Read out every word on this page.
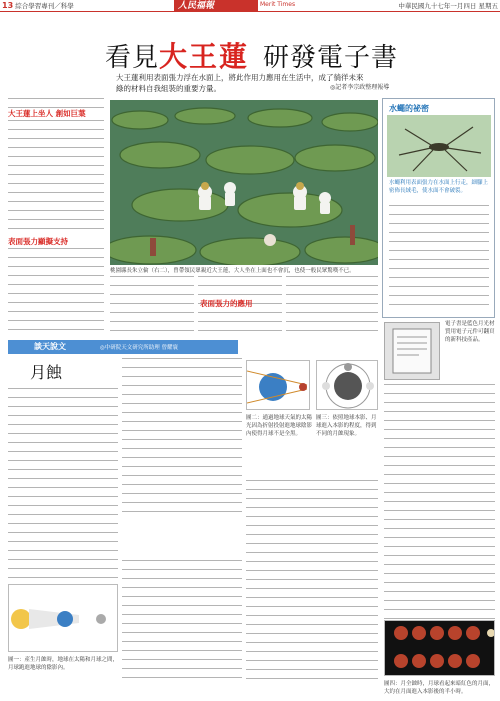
13 綜合學習專刊／科學	人民福報	Merit Times	中華民國九十七年一月四日 星期五
看見大王蓮 研發電子書
大王蓮利用表面張力浮在水面上，將此作用力應用在生活中，成了徜徉未來綠的材料自我組裝的重要方量。	◎記者李宗政整理報導
大王蓮上坐人 創如巨葉
表面張力顯擬支持
桃園縣長朱立倫（右二），曾帶領民眾親近大王蓮，大人坐在上面也不會沉，也使一般民眾驚嘆不已。
表面張力的應用
水蠅的祕密
水蠅利用表面張力在水面上行走，細腳上密佈長絨毛，使水面不會破裂。
電子書是藍色月光材質用電子元件可翻頁的新科技產品。
談天說文	◎中研院天文研究所助理 曾耀寰
月蝕
圖一：產生月蝕時，地球在太陽和月球之間，月球跑進地球的陰影內。
圖二：通過地球天氣的太陽光因為折射投射進地球陰影內使得月球不是全黑。
圖三：依照地球本影、月球進入本影的程度，得到不同的月蝕現象。
圖四：月全蝕時，月球看起來暗紅色的月面，大約在月面進入本影後的半小時。
